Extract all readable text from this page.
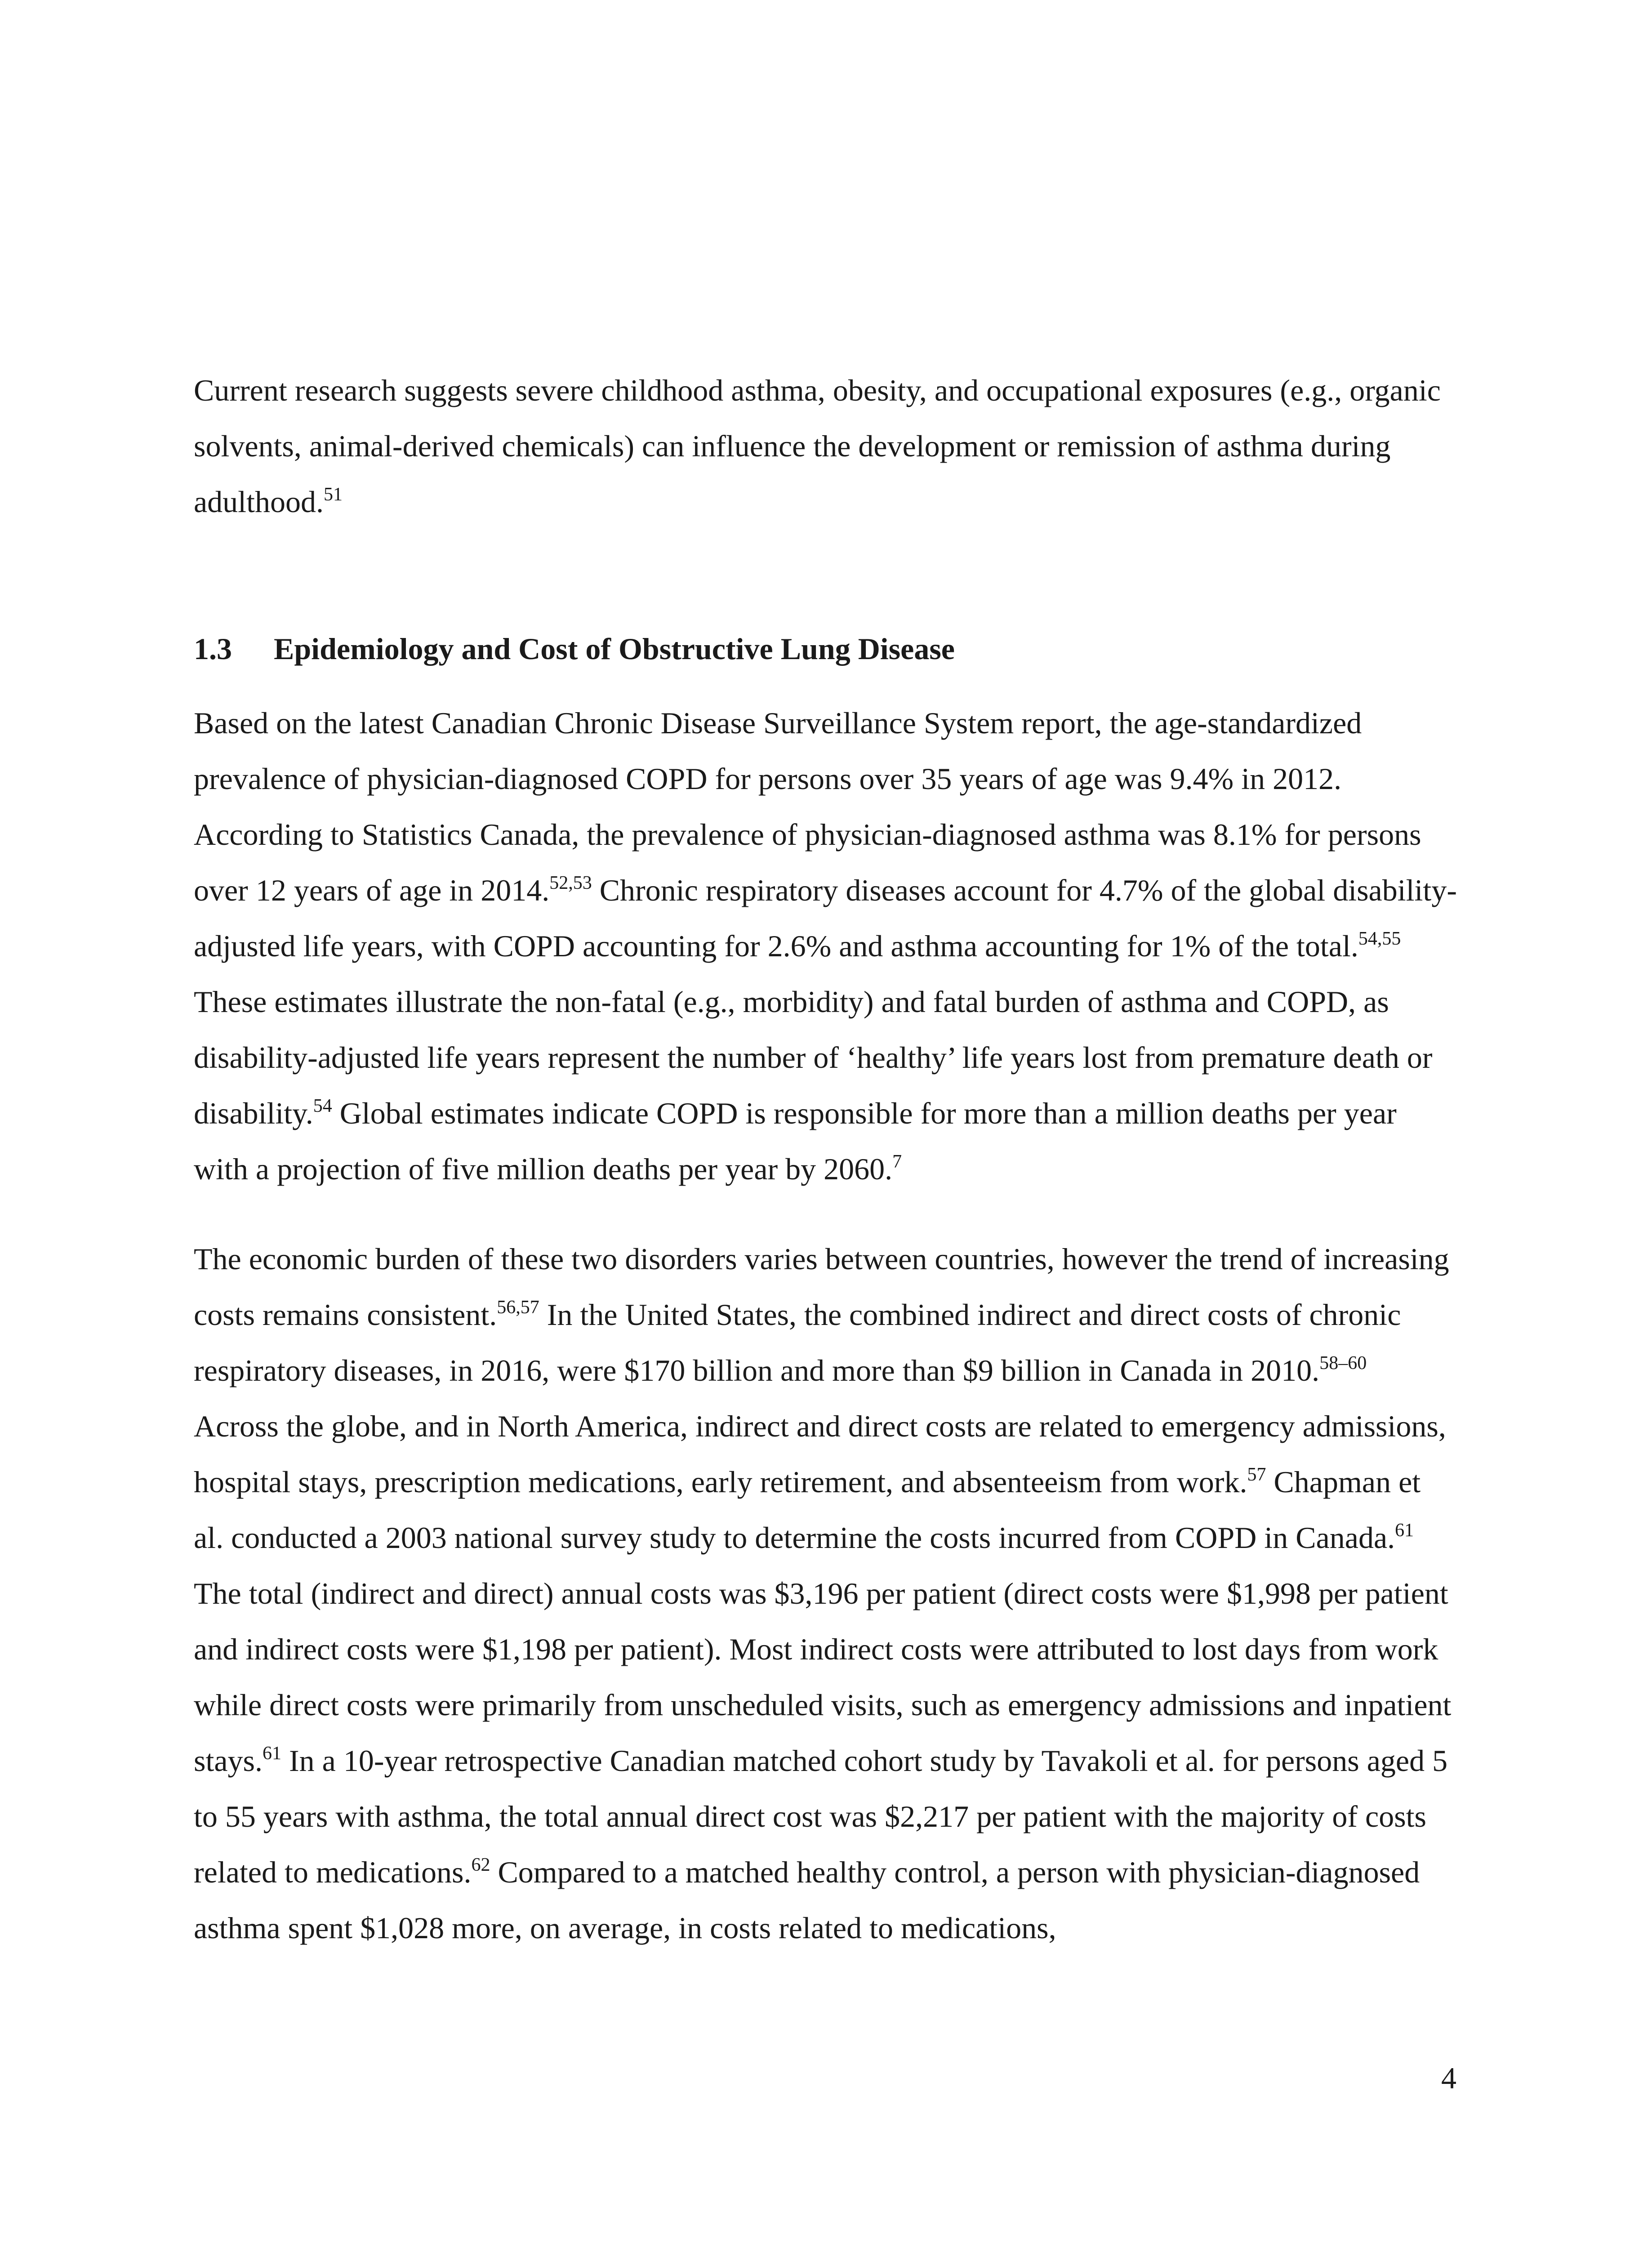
Current research suggests severe childhood asthma, obesity, and occupational exposures (e.g., organic solvents, animal-derived chemicals) can influence the development or remission of asthma during adulthood.$^{51}$

1.3 Epidemiology and Cost of Obstructive Lung Disease

Based on the latest Canadian Chronic Disease Surveillance System report, the age-standardized prevalence of physician-diagnosed COPD for persons over 35 years of age was 9.4% in 2012. According to Statistics Canada, the prevalence of physician-diagnosed asthma was 8.1% for persons over 12 years of age in 2014.$^{52,53}$ Chronic respiratory diseases account for 4.7% of the global disability-adjusted life years, with COPD accounting for 2.6% and asthma accounting for 1% of the total.$^{54,55}$ These estimates illustrate the non-fatal (e.g., morbidity) and fatal burden of asthma and COPD, as disability-adjusted life years represent the number of ‘healthy’ life years lost from premature death or disability.$^{54}$ Global estimates indicate COPD is responsible for more than a million deaths per year with a projection of five million deaths per year by 2060.$^7$

The economic burden of these two disorders varies between countries, however the trend of increasing costs remains consistent.$^{56,57}$ In the United States, the combined indirect and direct costs of chronic respiratory diseases, in 2016, were $170 billion and more than $9 billion in Canada in 2010.$^{58-60}$ Across the globe, and in North America, indirect and direct costs are related to emergency admissions, hospital stays, prescription medications, early retirement, and absenteeism from work.$^{57}$ Chapman et al. conducted a 2003 national survey study to determine the costs incurred from COPD in Canada.$^{61}$ The total (indirect and direct) annual costs was $3,196 per patient (direct costs were $1,998 per patient and indirect costs were $1,198 per patient). Most indirect costs were attributed to lost days from work while direct costs were primarily from unscheduled visits, such as emergency admissions and inpatient stays.$^{61}$ In a 10-year retrospective Canadian matched cohort study by Tavakoli et al. for persons aged 5 to 55 years with asthma, the total annual direct cost was $2,217 per patient with the majority of costs related to medications.$^{62}$ Compared to a matched healthy control, a person with physician-diagnosed asthma spent $1,028 more, on average, in costs related to medications,

4
